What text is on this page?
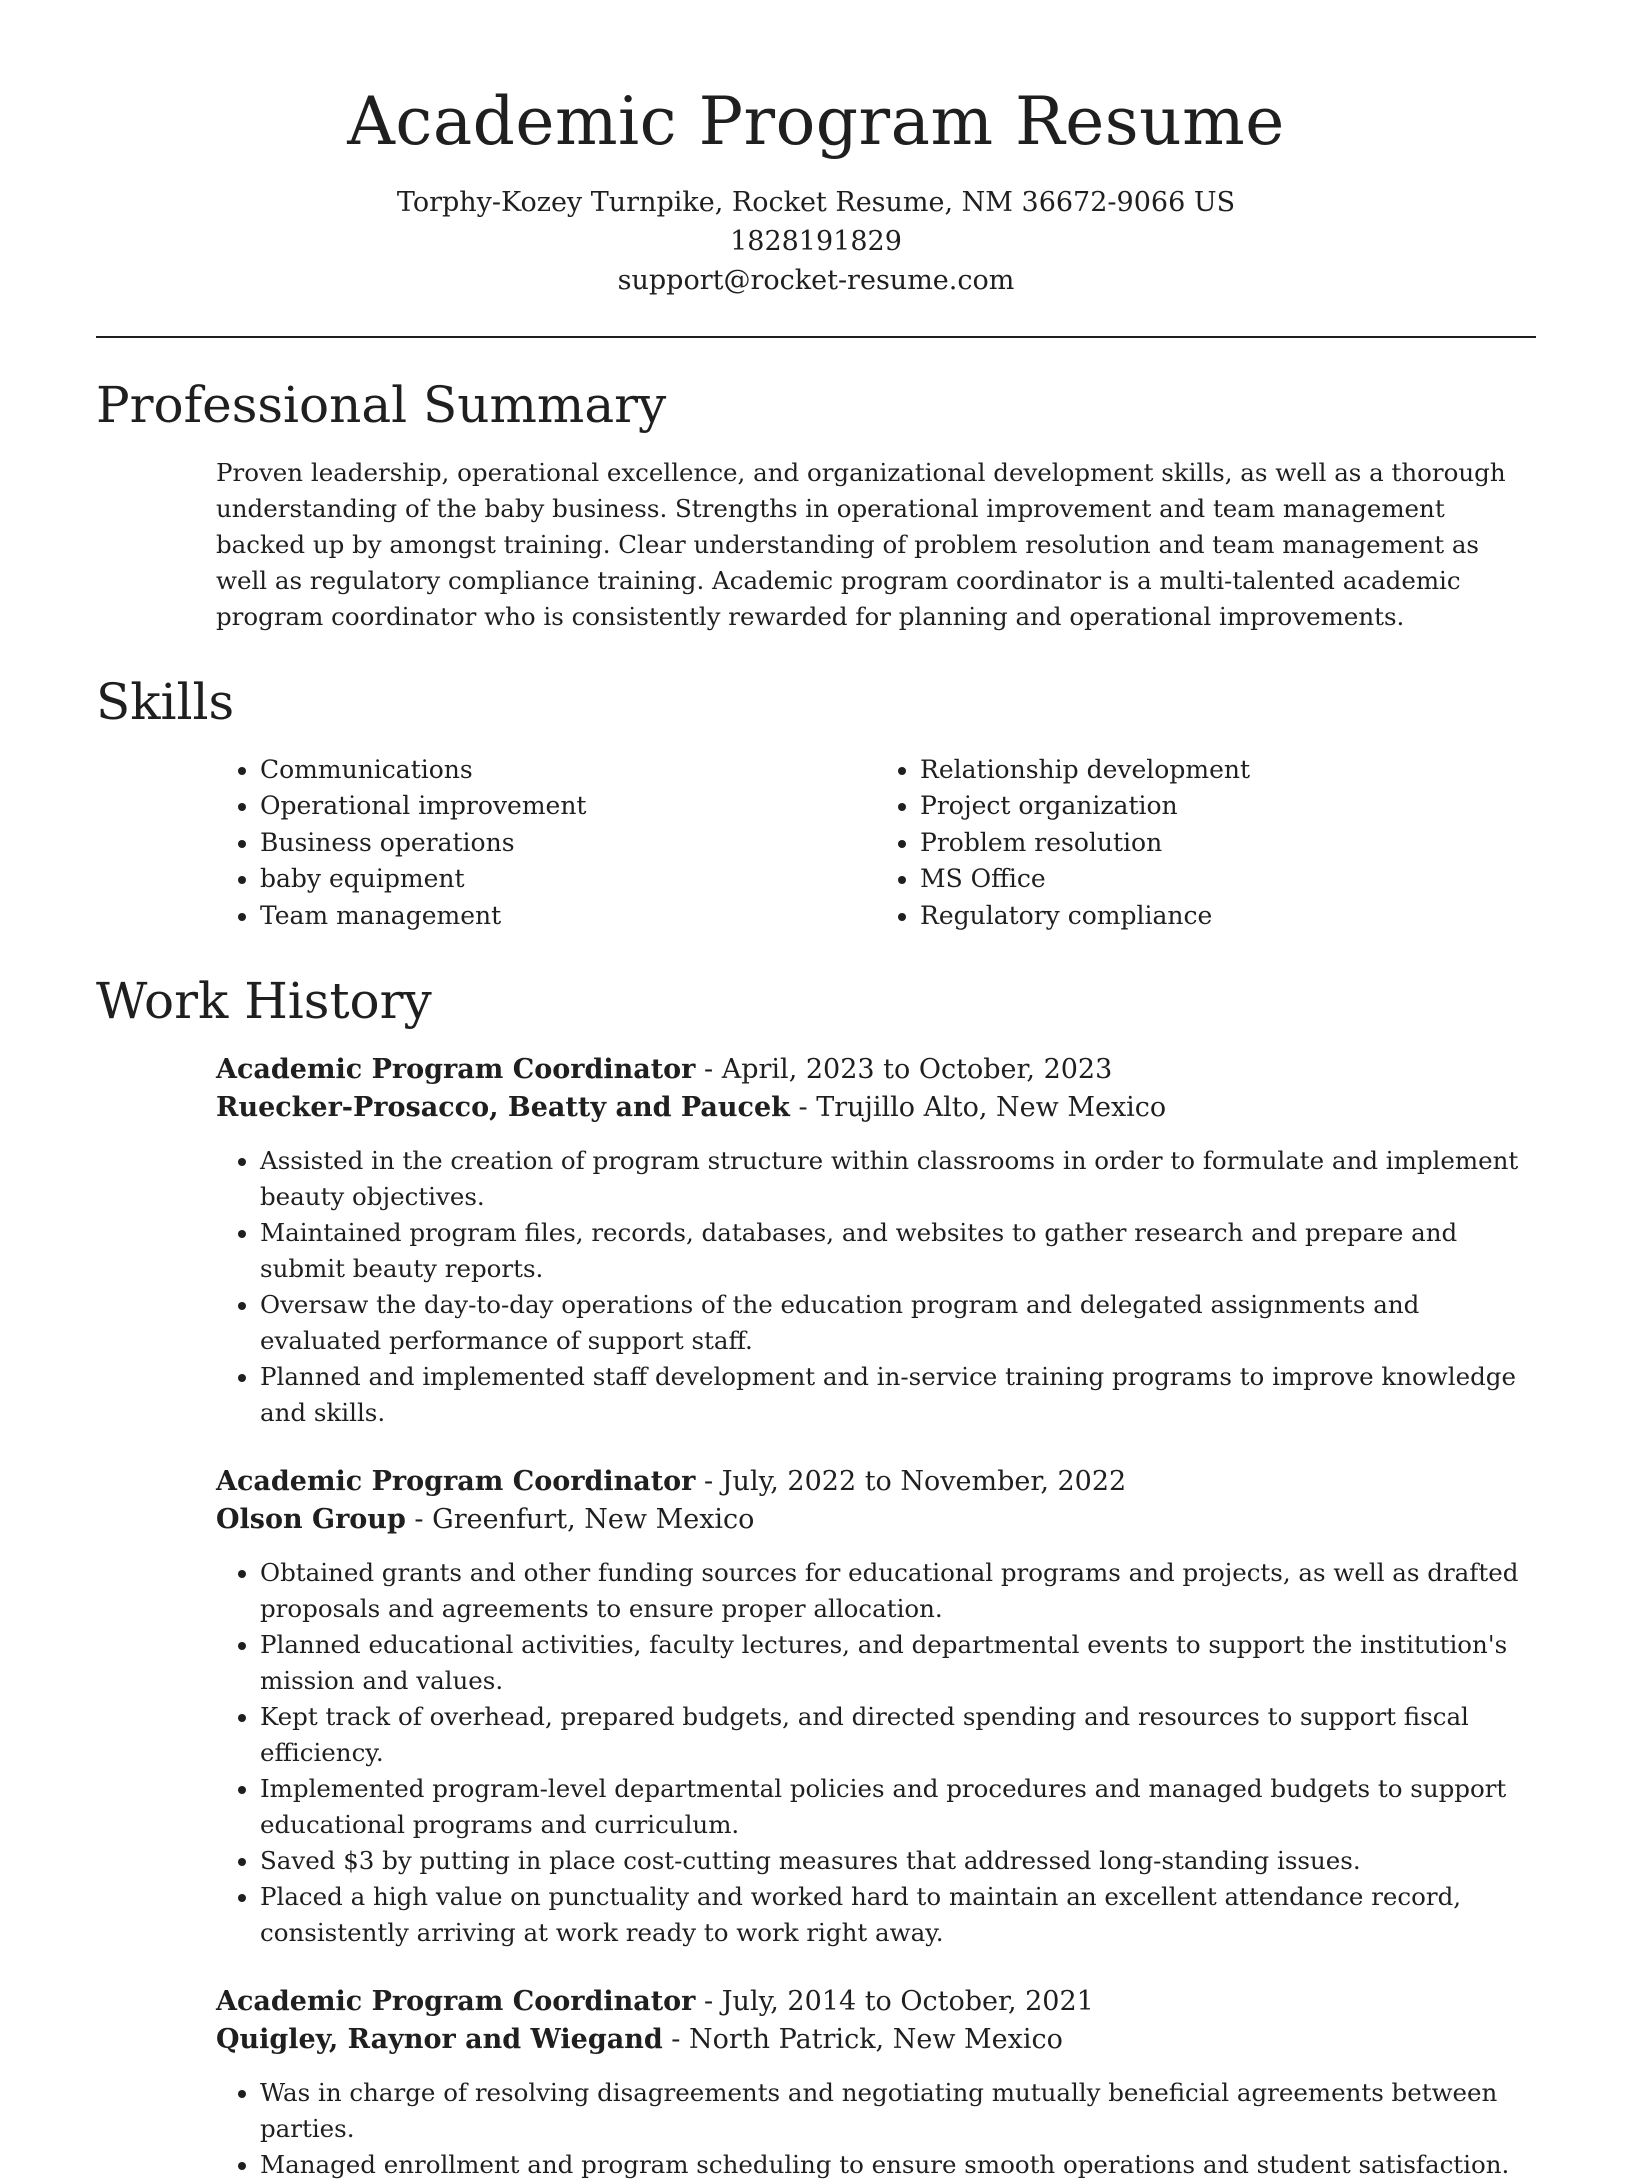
Academic Program Resume
Torphy-Kozey Turnpike, Rocket Resume, NM 36672-9066 US
1828191829
support@rocket-resume.com
Professional Summary

Proven leadership, operational excellence, and organizational development skills, as well as a thorough understanding of the baby business. Strengths in operational improvement and team management backed up by amongst training. Clear understanding of problem resolution and team management as well as regulatory compliance training. Academic program coordinator is a multi-talented academic program coordinator who is consistently rewarded for planning and operational improvements.

Skills
• Communications
• Operational improvement
• Business operations
• baby equipment
• Team management
• Relationship development
• Project organization
• Problem resolution
• MS Office
• Regulatory compliance
Work History
Academic Program Coordinator - April, 2023 to October, 2023
Ruecker-Prosacco, Beatty and Paucek - Trujillo Alto, New Mexico
• Assisted in the creation of program structure within classrooms in order to formulate and implement beauty objectives.
• Maintained program files, records, databases, and websites to gather research and prepare and submit beauty reports.
• Oversaw the day-to-day operations of the education program and delegated assignments and evaluated performance of support staff.
• Planned and implemented staff development and in-service training programs to improve knowledge and skills.
Academic Program Coordinator - July, 2022 to November, 2022
Olson Group - Greenfurt, New Mexico
• Obtained grants and other funding sources for educational programs and projects, as well as drafted proposals and agreements to ensure proper allocation.
• Planned educational activities, faculty lectures, and departmental events to support the institution's mission and values.
• Kept track of overhead, prepared budgets, and directed spending and resources to support fiscal efficiency.
• Implemented program-level departmental policies and procedures and managed budgets to support educational programs and curriculum.
• Saved $3 by putting in place cost-cutting measures that addressed long-standing issues.
• Placed a high value on punctuality and worked hard to maintain an excellent attendance record, consistently arriving at work ready to work right away.
Academic Program Coordinator - July, 2014 to October, 2021
Quigley, Raynor and Wiegand - North Patrick, New Mexico
• Was in charge of resolving disagreements and negotiating mutually beneficial agreements between parties.
• Managed enrollment and program scheduling to ensure smooth operations and student satisfaction.
